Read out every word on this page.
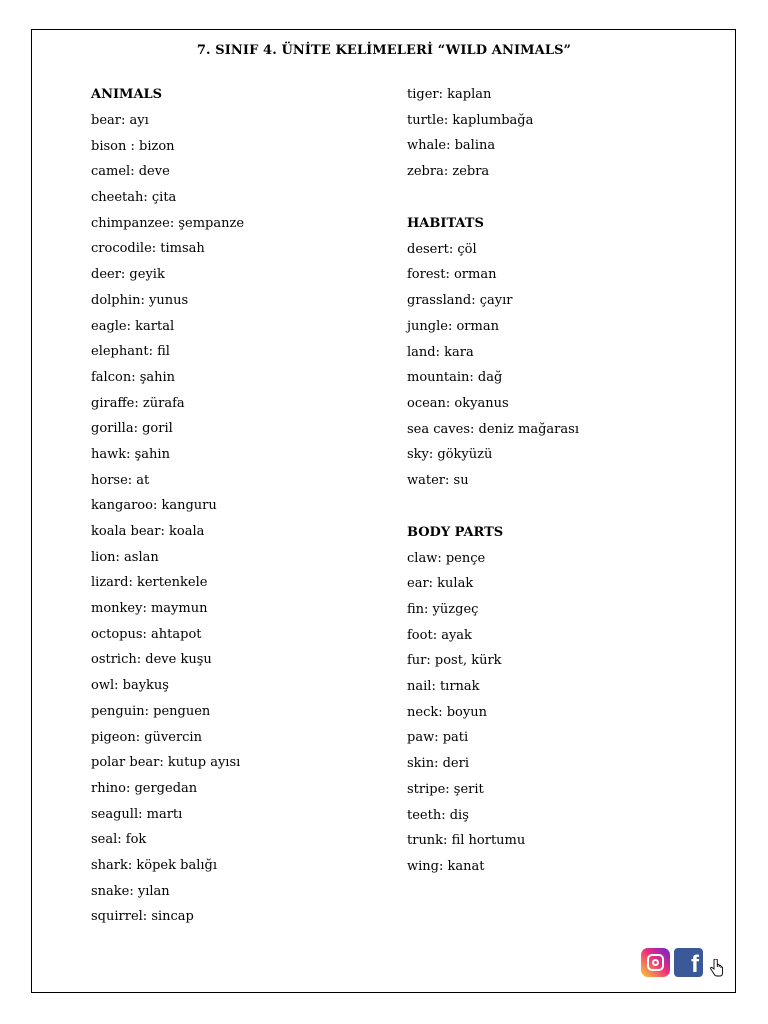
7. SINIF 4. ÜNİTE KELİMELERİ “WILD ANIMALS”
ANIMALS
bear: ayı
bison : bizon
camel: deve
cheetah: çita
chimpanzee: şempanze
crocodile: timsah
deer: geyik
dolphin: yunus
eagle: kartal
elephant: fil
falcon: şahin
giraffe: zürafa
gorilla: goril
hawk: şahin
horse: at
kangaroo: kanguru
koala bear: koala
lion: aslan
lizard: kertenkele
monkey: maymun
octopus: ahtapot
ostrich: deve kuşu
owl: baykuş
penguin: penguen
pigeon: güvercin
polar bear: kutup ayısı
rhino: gergedan
seagull: martı
seal: fok
shark: köpek balığı
snake: yılan
squirrel: sincap
tiger: kaplan
turtle: kaplumbağa
whale: balina
zebra: zebra
HABITATS
desert: çöl
forest: orman
grassland: çayır
jungle: orman
land: kara
mountain: dağ
ocean: okyanus
sea caves: deniz mağarası
sky: gökyüzü
water: su
BODY PARTS
claw: pençe
ear: kulak
fin: yüzgeç
foot: ayak
fur: post, kürk
nail: tırnak
neck: boyun
paw: pati
skin: deri
stripe: şerit
teeth: diş
trunk: fil hortumu
wing: kanat
f
